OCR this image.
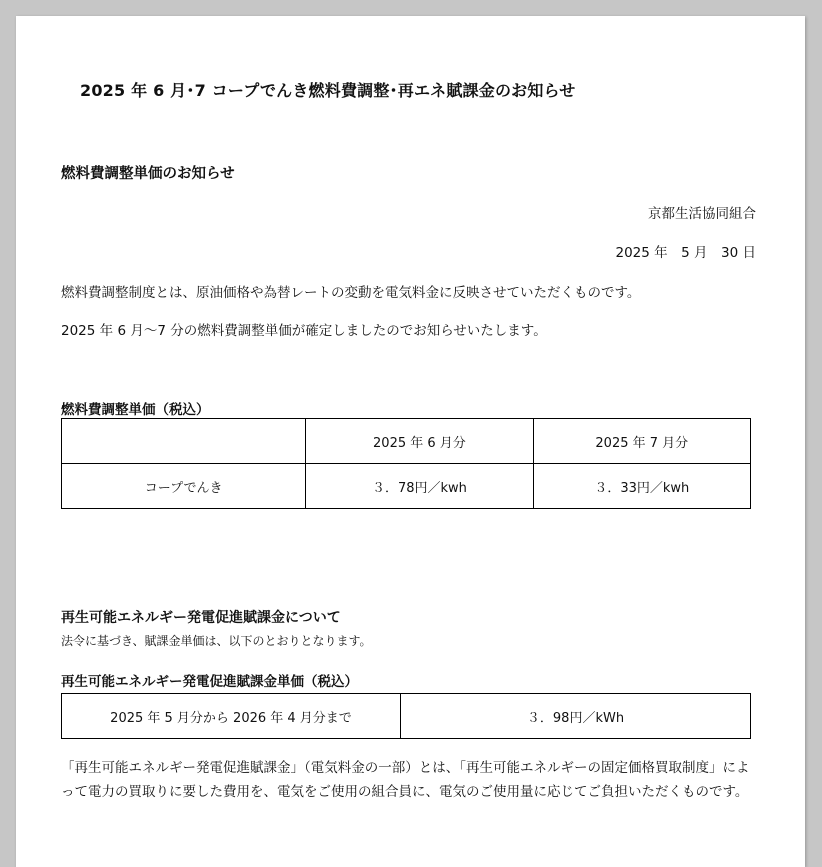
2025 年 6 月･7 コープでんき燃料費調整･再エネ賦課金のお知らせ
燃料費調整単価のお知らせ
京都生活協同組合
2025 年　5 月　30 日
燃料費調整制度とは、原油価格や為替レートの変動を電気料金に反映させていただくものです。
2025 年 6 月～7 分の燃料費調整単価が確定しましたのでお知らせいたします。
燃料費調整単価（税込）
	2025 年 6 月分	2025 年 7 月分
コープでんき	３．78円／kwh	３．33円／kwh
再生可能エネルギー発電促進賦課金について
法令に基づき、賦課金単価は、以下のとおりとなります。
再生可能エネルギー発電促進賦課金単価（税込）
2025 年 5 月分から 2026 年 4 月分まで	３．98円／kWh
「再生可能エネルギー発電促進賦課金」（電気料金の一部）とは、「再生可能エネルギーの固定価格買取制度」によって電力の買取りに要した費用を、電気をご使用の組合員に、電気のご使用量に応じてご負担いただくものです。
